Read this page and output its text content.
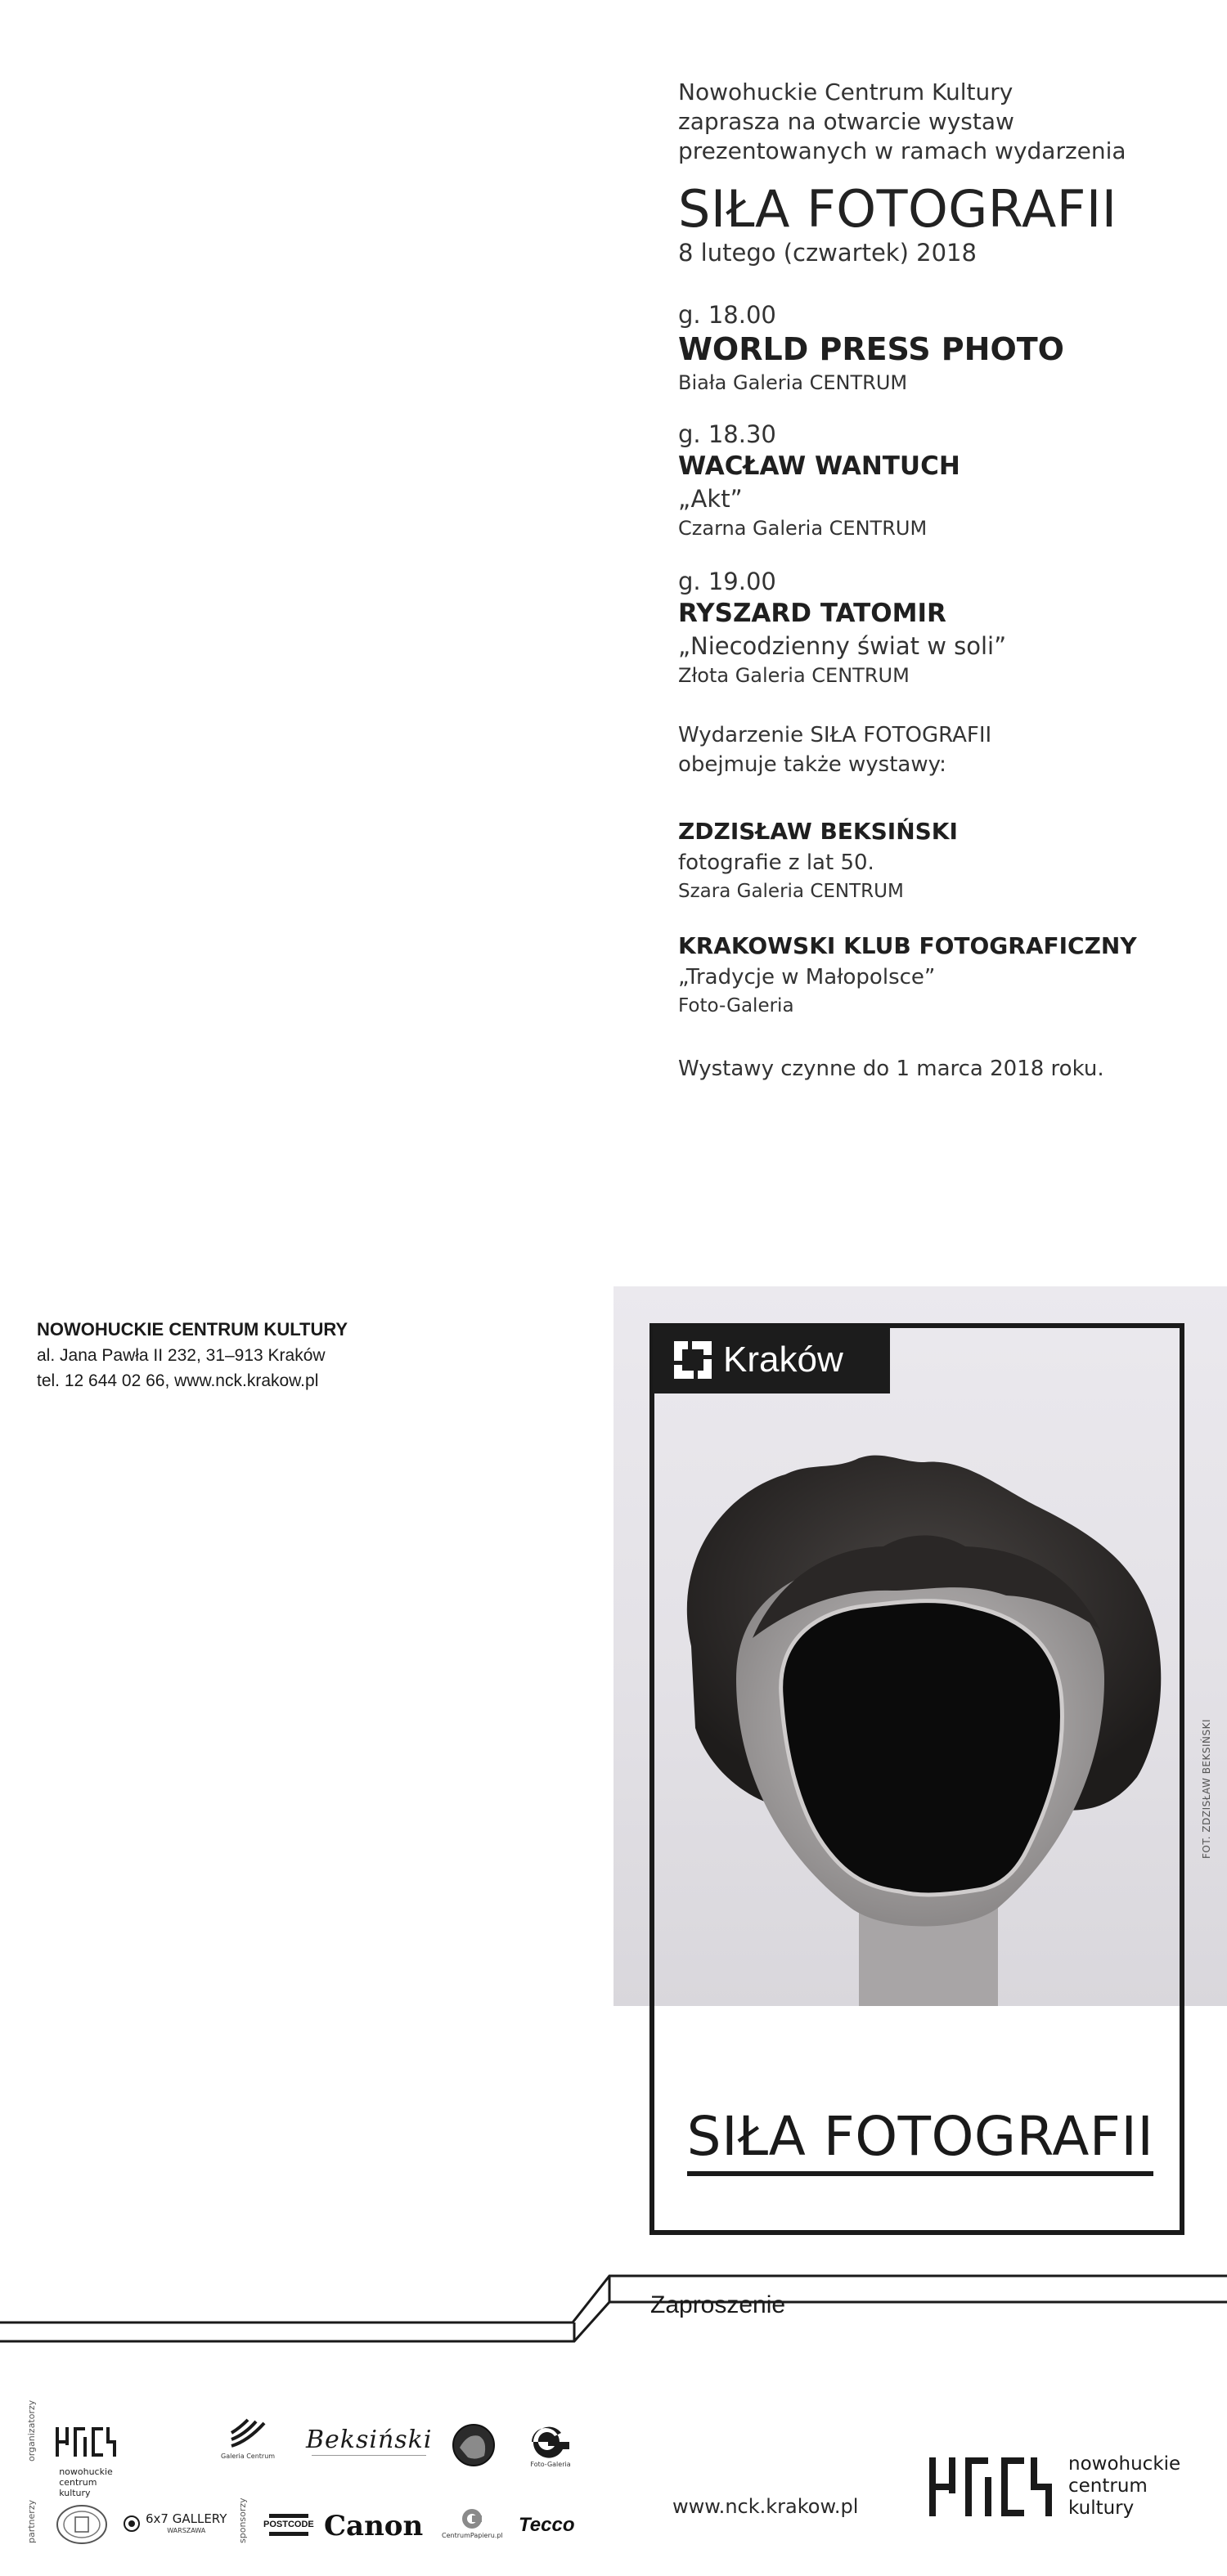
Nowohuckie Centrum Kultury
zaprasza na otwarcie wystaw
prezentowanych w ramach wydarzenia
SIŁA FOTOGRAFII
8 lutego (czwartek) 2018
g. 18.00
WORLD PRESS PHOTO
Biała Galeria CENTRUM
g. 18.30
WACŁAW WANTUCH
„Akt”
Czarna Galeria CENTRUM
g. 19.00
RYSZARD TATOMIR
„Niecodzienny świat w soli”
Złota Galeria CENTRUM
Wydarzenie SIŁA FOTOGRAFII
obejmuje także wystawy:
ZDZISŁAW BEKSIŃSKI
fotografie z lat 50.
Szara Galeria CENTRUM
KRAKOWSKI KLUB FOTOGRAFICZNY
„Tradycje w Małopolsce”
Foto-Galeria
Wystawy czynne do 1 marca 2018 roku.
NOWOHUCKIE CENTRUM KULTURY
al. Jana Pawła II 232, 31–913 Kraków
tel. 12 644 02 66, www.nck.krakow.pl
Kraków
FOT. ZDZISŁAW BEKSIŃSKI
SIŁA FOTOGRAFII
Zaproszenie
organizatorzy
partnerzy	sponsorzy
nowohuckie
centrum
kultury
Galeria Centrum
Beksiński
Foto-Galeria
6x7 GALLERY
WARSZAWA
POSTCODE Canon	CentrumPapieru.pl Tecco
www.nck.krakow.pl
nowohuckie
centrum
kultury
